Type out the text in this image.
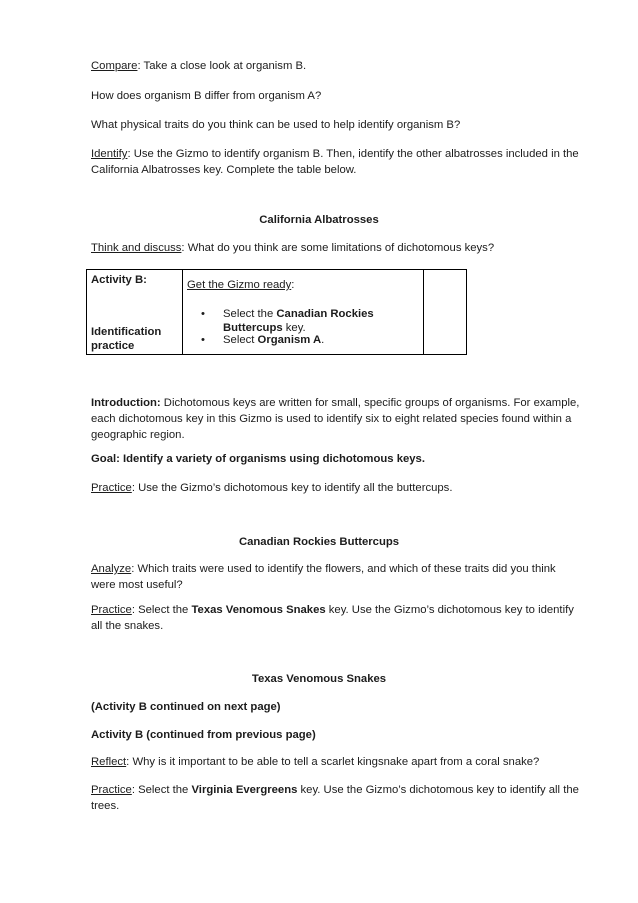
Compare: Take a close look at organism B.

How does organism B differ from organism A?

What physical traits do you think can be used to help identify organism B?

Identify: Use the Gizmo to identify organism B. Then, identify the other albatrosses included in the California Albatrosses key. Complete the table below.

California Albatrosses

Think and discuss: What do you think are some limitations of dichotomous keys?

Activity B:
Identification practice

Get the Gizmo ready:
• Select the Canadian Rockies Buttercups key.
• Select Organism A.

Introduction: Dichotomous keys are written for small, specific groups of organisms. For example, each dichotomous key in this Gizmo is used to identify six to eight related species found within a geographic region.

Goal: Identify a variety of organisms using dichotomous keys.

Practice: Use the Gizmo’s dichotomous key to identify all the buttercups.

Canadian Rockies Buttercups

Analyze: Which traits were used to identify the flowers, and which of these traits did you think were most useful?

Practice: Select the Texas Venomous Snakes key. Use the Gizmo’s dichotomous key to identify all the snakes.

Texas Venomous Snakes

(Activity B continued on next page)

Activity B (continued from previous page)

Reflect: Why is it important to be able to tell a scarlet kingsnake apart from a coral snake?

Practice: Select the Virginia Evergreens key. Use the Gizmo’s dichotomous key to identify all the trees.
